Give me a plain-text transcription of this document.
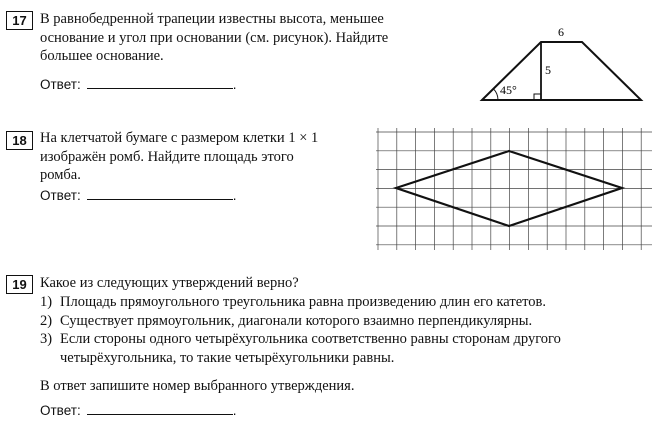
17 В равнобедренной трапеции известны высота, меньшее
основание и угол при основании (см. рисунок). Найдите
большее основание.
Ответ:	.	45°
5
6
18 На клетчатой бумаге с размером клетки 1 × 1
изображён ромб. Найдите площадь этого
ромба.
Ответ:	.
19 Какое из следующих утверждений верно?
1) Площадь прямоугольного треугольника равна произведению длин его катетов.
2) Существует прямоугольник, диагонали которого взаимно перпендикулярны.
3) Если стороны одного четырёхугольника соответственно равны сторонам другого четырёхугольника, то такие четырёхугольники равны.
В ответ запишите номер выбранного утверждения.
Ответ:	.
